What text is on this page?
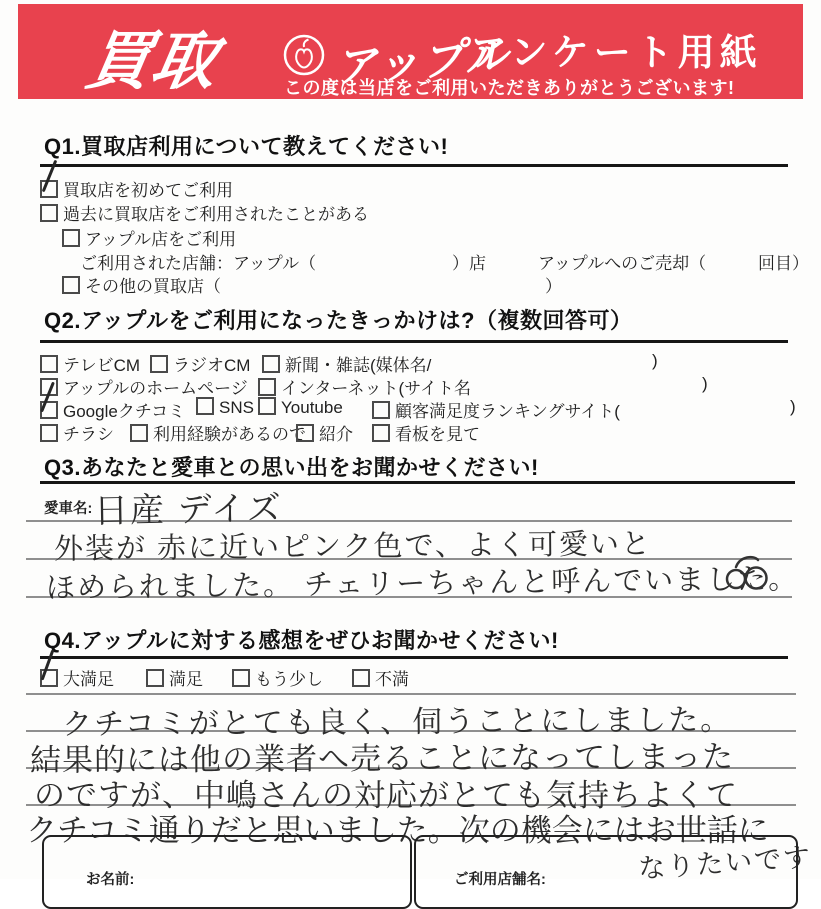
買取	アップル
アンケート用紙
この度は当店をご利用いただきありがとうございます!
Q1.買取店利用について教えてください!
買取店を初めてご利用
過去に買取店をご利用されたことがある
アップル店をご利用
ご利用された店舗：アップル（	）店	アップルへのご売却（	回目）
その他の買取店（	）
Q2.アップルをご利用になったきっかけは?（複数回答可）
テレビCM	ラジオCM	新聞・雑誌(媒体名/	)
アップルのホームページ	インターネット(サイト名	)
Googleクチコミ	SNS	Youtube	顧客満足度ランキングサイト(	)
チラシ	利用経験があるので 紹介	看板を見て
Q3.あなたと愛車との思い出をお聞かせください!
愛車名: 日産 デイズ
外装が 赤に近いピンク色で、よく可愛いと
ほめられました。 チェリーちゃんと呼んでいました。
Q4.アップルに対する感想をぜひお聞かせください!
大満足	満足	もう少し	不満
クチコミがとても良く、伺うことにしました。
結果的には他の業者へ売ることになってしまった
のですが、中嶋さんの対応がとても気持ちよくて
クチコミ通りだと思いました。次の機会にはお世話に
なりたいです
お名前:	ご利用店舗名:
